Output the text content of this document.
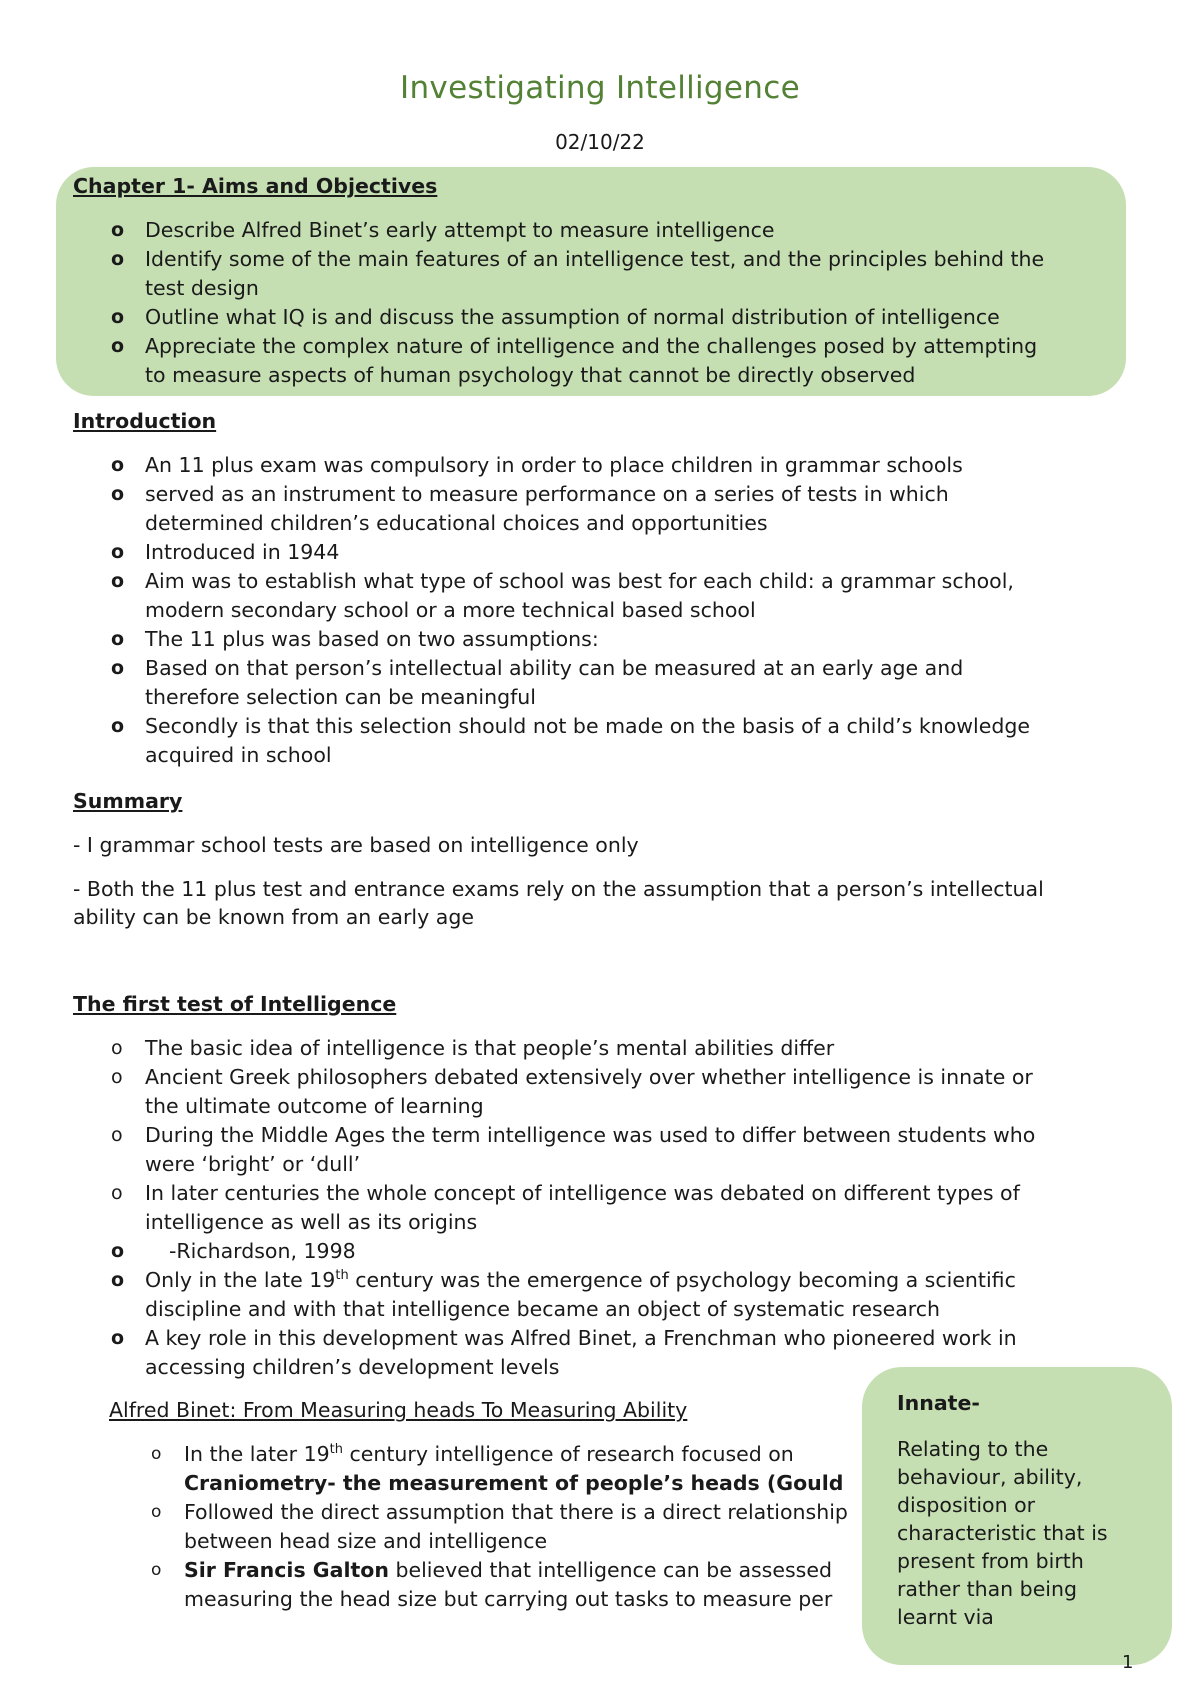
Investigating Intelligence
02/10/22
Chapter 1- Aims and Objectives
o Describe Alfred Binet’s early attempt to measure intelligence
o Identify some of the main features of an intelligence test, and the principles behind the
test design
o Outline what IQ is and discuss the assumption of normal distribution of intelligence
o Appreciate the complex nature of intelligence and the challenges posed by attempting
to measure aspects of human psychology that cannot be directly observed
Introduction
o An 11 plus exam was compulsory in order to place children in grammar schools
o served as an instrument to measure performance on a series of tests in which
determined children’s educational choices and opportunities
o Introduced in 1944
o Aim was to establish what type of school was best for each child: a grammar school,
modern secondary school or a more technical based school
o The 11 plus was based on two assumptions:
o Based on that person’s intellectual ability can be measured at an early age and
therefore selection can be meaningful
o Secondly is that this selection should not be made on the basis of a child’s knowledge
acquired in school
Summary
- I grammar school tests are based on intelligence only
- Both the 11 plus test and entrance exams rely on the assumption that a person’s intellectual
ability can be known from an early age
The first test of Intelligence
o The basic idea of intelligence is that people’s mental abilities differ
o Ancient Greek philosophers debated extensively over whether intelligence is innate or
the ultimate outcome of learning
o During the Middle Ages the term intelligence was used to differ between students who
were ‘bright’ or ‘dull’
o In later centuries the whole concept of intelligence was debated on different types of
intelligence as well as its origins
o	-Richardson, 1998
o Only in the late 19th century was the emergence of psychology becoming a scientific
discipline and with that intelligence became an object of systematic research
o A key role in this development was Alfred Binet, a Frenchman who pioneered work in
accessing children’s development levels
Alfred Binet: From Measuring heads To Measuring Ability
o In the later 19th century intelligence of research focused on
Craniometry- the measurement of people’s heads (Gould
o Followed the direct assumption that there is a direct relationship
between head size and intelligence
o Sir Francis Galton believed that intelligence can be assessed
measuring the head size but carrying out tasks to measure per
Innate-
Relating to the
behaviour, ability,
disposition or
characteristic that is
present from birth
rather than being
learnt via
1
